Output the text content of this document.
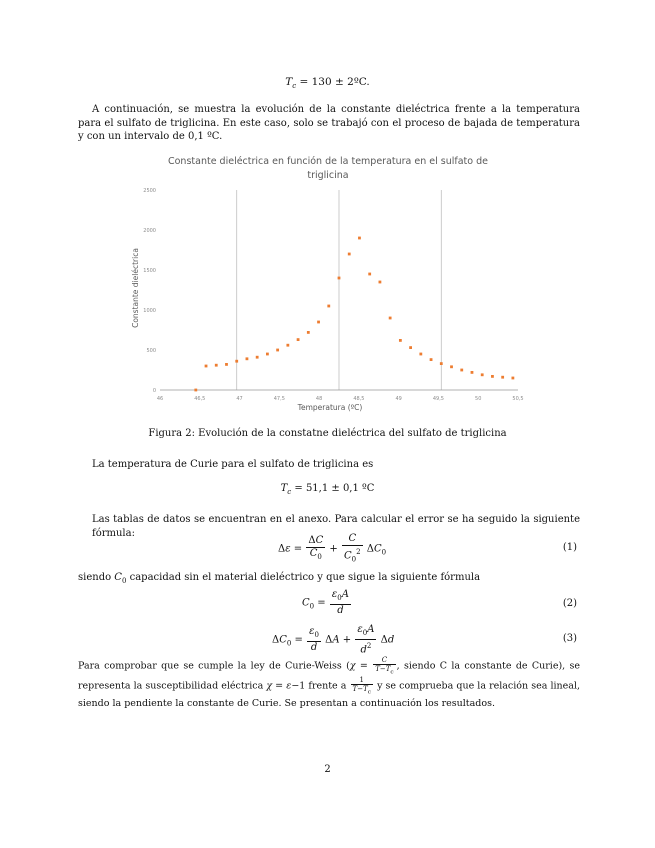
$T_c = 130$ ± 2ºC.
A continuación, se muestra la evolución de la constante dieléctrica frente a la temperatura para el sulfato de triglicina. En este caso, solo se trabajó con el proceso de bajada de temperatura y con un intervalo de 0,1 ºC.
Constante dieléctrica en función de la temperatura en el sulfato de
triglicina
46	46,5	47	47,5	48	48,5	49	49,5	50	50,5
0
500
1000
1500
2000
2500
Temperatura (ºC)
Constante dieléctrica
Figura 2: Evolución de la constatne dieléctrica del sulfato de triglicina
La temperatura de Curie para el sulfato de triglicina es
$T_c = 51,1 \pm 0,1$ ºC
Las tablas de datos se encuentran en el anexo. Para calcular el error se ha seguido la siguiente fórmula:
$\Delta\varepsilon = \frac{\Delta C}{C_0} + \frac{C}{C_0^2} \Delta C_0$	(1)
siendo $C_0$ capacidad sin el material dieléctrico y que sigue la siguiente fórmula
$C_0 = \frac{\varepsilon_0A}{d}$	(2)
$\Delta C_0 = \frac{\varepsilon_0}{d}$ $\Delta A + \frac{\varepsilon_0A}{d^2}$ Δd	(3)
Para comprobar que se cumple la ley de Curie-Weiss ($\chi = \frac{C}{T-T_c}$ , siendo C la constante de Curie), se representa la susceptibilidad eléctrica χ = ε−1 frente a $\frac{1}{T-T_c}$ y se comprueba que la relación sea lineal, siendo la pendiente la constante de Curie. Se presentan a continuación los resultados.
2
